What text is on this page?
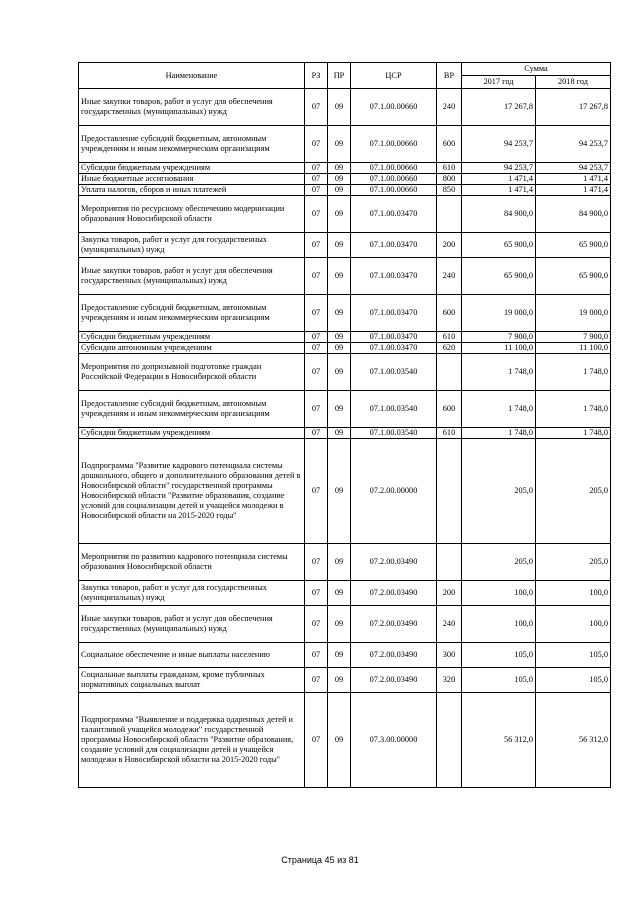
Наименование	РЗ	ПР	ЦСР	ВР	Сумма	
					2017 год	2018 год
Иные закупки товаров, работ и услуг для обеспечения государственных (муниципальных) нужд	07	09	07.1.00.00660	240	17 267,8	17 267,8
Предоставление субсидий бюджетным, автономным учреждениям и иным некоммерческим организациям	07	09	07.1.00.00660	600	94 253,7	94 253,7
Субсидии бюджетным учреждениям	07	09	07.1.00.00660	610	94 253,7	94 253,7
Иные бюджетные ассигнования	07	09	07.1.00.00660	800	1 471,4	1 471,4
Уплата налогов, сборов и иных платежей	07	09	07.1.00.00660	850	1 471,4	1 471,4
Мероприятия по ресурсному обеспечению модернизации образования Новосибирской области	07	09	07.1.00.03470		84 900,0	84 900,0
Закупка товаров, работ и услуг для государственных (муниципальных) нужд	07	09	07.1.00.03470	200	65 900,0	65 900,0
Иные закупки товаров, работ и услуг для обеспечения государственных (муниципальных) нужд	07	09	07.1.00.03470	240	65 900,0	65 900,0
Предоставление субсидий бюджетным, автономным учреждениям и иным некоммерческим организациям	07	09	07.1.00.03470	600	19 000,0	19 000,0
Субсидии бюджетным учреждениям	07	09	07.1.00.03470	610	7 900,0	7 900,0
Субсидии автономным учреждениям	07	09	07.1.00.03470	620	11 100,0	11 100,0
Мероприятия по допризывной подготовке граждан Российской Федерации в Новосибирской области	07	09	07.1.00.03540		1 748,0	1 748,0
Предоставление субсидий бюджетным, автономным учреждениям и иным некоммерческим организациям	07	09	07.1.00.03540	600	1 748,0	1 748,0
Субсидии бюджетным учреждениям	07	09	07.1.00.03540	610	1 748,0	1 748,0
Подпрограмма "Развитие кадрового потенциала системы дошкольного, общего и дополнительного образования детей в Новосибирской области" государственной программы Новосибирской области "Развитие образования, создание условий для социализации детей и учащейся молодежи в Новосибирской области на 2015-2020 годы"	07	09	07.2.00.00000		205,0	205,0
Мероприятия по развитию кадрового потенциала системы образования Новосибирской области	07	09	07.2.00.03490		205,0	205,0
Закупка товаров, работ и услуг для государственных (муниципальных) нужд	07	09	07.2.00.03490	200	100,0	100,0
Иные закупки товаров, работ и услуг для обеспечения государственных (муниципальных) нужд	07	09	07.2.00.03490	240	100,0	100,0
Социальное обеспечение и иные выплаты населению	07	09	07.2.00.03490	300	105,0	105,0
Социальные выплаты гражданам, кроме публичных нормативных социальных выплат	07	09	07.2.00.03490	320	105,0	105,0
Подпрограмма "Выявление и поддержка одаренных детей и талантливой учащейся молодежи" государственной программы Новосибирской области "Развитие образования, создание условий для социализации детей и учащейся молодежи в Новосибирской области на 2015-2020 годы"	07	09	07.3.00.00000		56 312,0	56 312,0
Страница 45 из 81
